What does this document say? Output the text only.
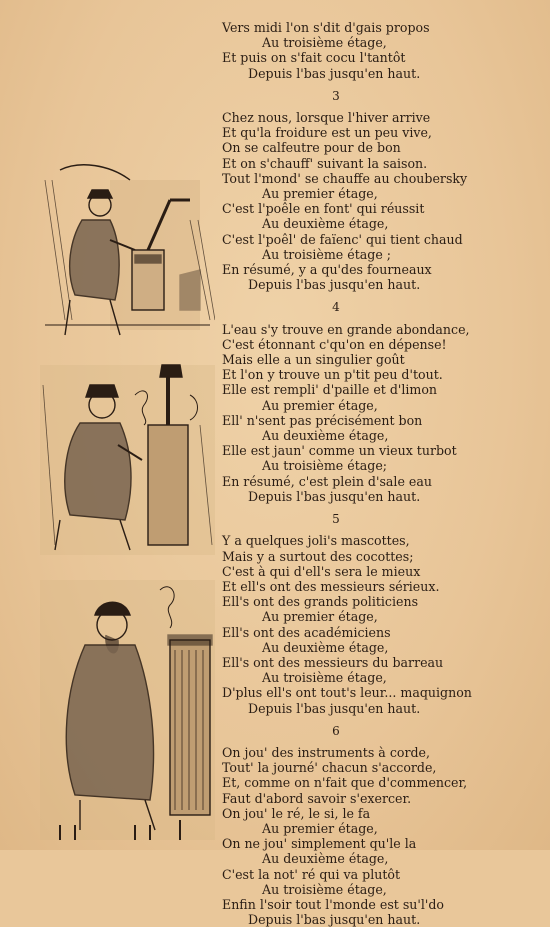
Vers midi l'on s'dit d'gais propos
Au troisième étage,
Et puis on s'fait cocu l'tantôt
Depuis l'bas jusqu'en haut.
3
Chez nous, lorsque l'hiver arrive
Et qu'la froidure est un peu vive,
On se calfeutre pour de bon
Et on s'chauff' suivant la saison.
Tout l'mond' se chauffe au choubersky
Au premier étage,
C'est l'poêle en font' qui réussit
Au deuxième étage,
C'est l'poêl' de faïenc' qui tient chaud
Au troisième étage ;
En résumé, y a qu'des fourneaux
Depuis l'bas jusqu'en haut.
4
L'eau s'y trouve en grande abondance,
C'est étonnant c'qu'on en dépense!
Mais elle a un singulier goût
Et l'on y trouve un p'tit peu d'tout.
Elle est rempli' d'paille et d'limon
Au premier étage,
Ell' n'sent pas précisément bon
Au deuxième étage,
Elle est jaun' comme un vieux turbot
Au troisième étage;
En résumé, c'est plein d'sale eau
Depuis l'bas jusqu'en haut.
5
Y a quelques joli's mascottes,
Mais y a surtout des cocottes;
C'est à qui d'ell's sera le mieux
Et ell's ont des messieurs sérieux.
Ell's ont des grands politiciens
Au premier étage,
Ell's ont des académiciens
Au deuxième étage,
Ell's ont des messieurs du barreau
Au troisième étage,
D'plus ell's ont tout's leur... maquignon
Depuis l'bas jusqu'en haut.
6
On jou' des instruments à corde,
Tout' la journé' chacun s'accorde,
Et, comme on n'fait que d'commencer,
Faut d'abord savoir s'exercer.
On jou' le ré, le si, le fa
Au premier étage,
On ne jou' simplement qu'le la
Au deuxième étage,
C'est la not' ré qui va plutôt
Au troisième étage,
Enfin l'soir tout l'monde est su'l'do
Depuis l'bas jusqu'en haut.
